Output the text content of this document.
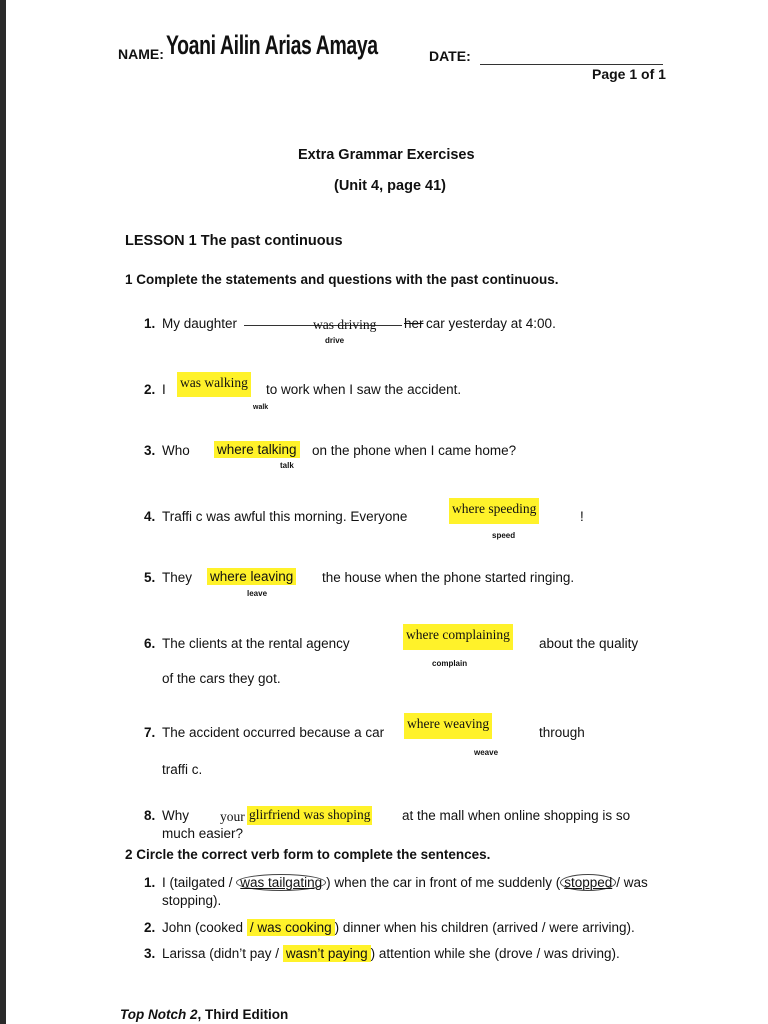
NAME: Yoani Ailin Arias Amaya	DATE:
Page 1 of 1
Extra Grammar Exercises
(Unit 4, page 41)
LESSON 1 The past continuous
1 Complete the statements and questions with the past continuous.
1. My daughter	was driving her car yesterday at 4:00.
drive
2. I was walking to work when I saw the accident.
walk
3. Who where talking on the phone when I came home?
talk
4. Traffi c was awful this morning. Everyone
where speeding
!
speed
5. They where leaving the house when the phone started ringing.
leave
6. The clients at the rental agency
where complaining
about the quality
complain
of the cars they got.
7. The accident occurred because a car
where weaving
through
weave
traffi c.
8. Why your glirfriend was shoping at the mall when online shopping is so
much easier?
2 Circle the correct verb form to complete the sentences.
1. I (tailgated / was tailgating ) when the car in front of me suddenly ( stopped / was
stopping).
2. John (cooked / was cooking ) dinner when his children (arrived / were arriving).
3. Larissa (didn’t pay / wasn’t paying ) attention while she (drove / was driving).
Top Notch 2, Third Edition
